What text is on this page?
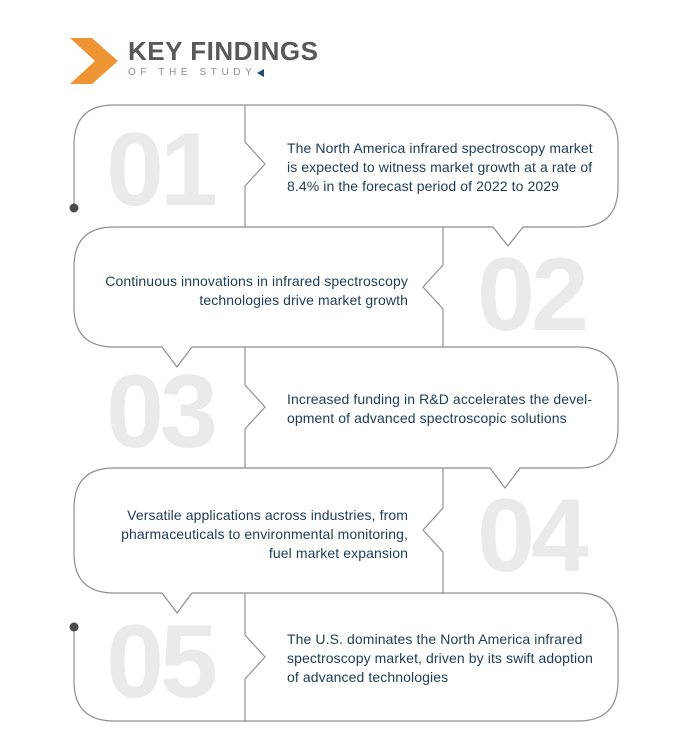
KEY FINDINGS
OF THE STUDY
01	The North America infrared spectroscopy market
is expected to witness market growth at a rate of
8.4% in the forecast period of 2022 to 2029
02
Continuous innovations in infrared spectroscopy
technologies drive market growth
03	Increased funding in R&D accelerates the devel-
opment of advanced spectroscopic solutions
04
Versatile applications across industries, from
pharmaceuticals to environmental monitoring,
fuel market expansion
05	The U.S. dominates the North America infrared
spectroscopy market, driven by its swift adoption
of advanced technologies
